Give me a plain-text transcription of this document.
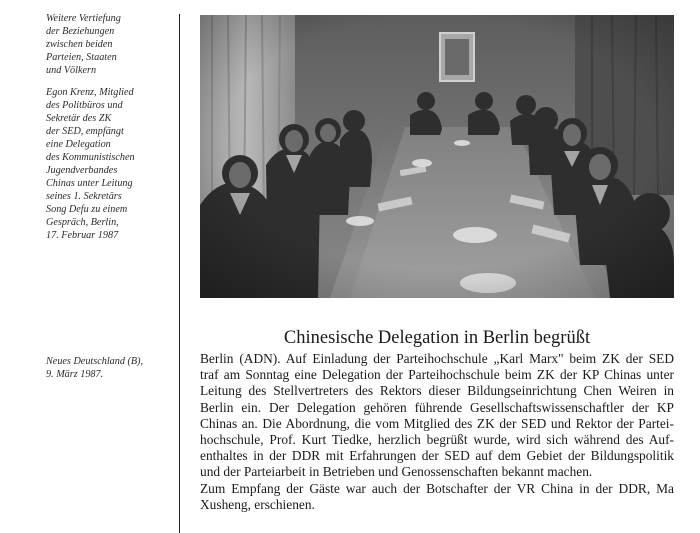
Weitere Vertiefung
der Beziehungen
zwischen beiden
Parteien, Staaten
und Völkern
Egon Krenz, Mitglied
des Politbüros und
Sekretär des ZK
der SED, empfängt
eine Delegation
des Kommunistischen
Jugendverbandes
Chinas unter Leitung
seines 1. Sekretärs
Song Defu zu einem
Gespräch, Berlin,
17. Februar 1987
Neues Deutschland (B),
9. März 1987.
Chinesische Delegation in Berlin begrüßt
Berlin (ADN). Auf Einladung der Parteihochschule „Karl Marx" beim ZK der SED
traf am Sonntag eine Delegation der Parteihochschule beim ZK der KP Chinas unter
Leitung des Stellvertreters des Rektors dieser Bildungseinrichtung Chen Weiren in
Berlin ein. Der Delegation gehören führende Gesellschaftswissenschaftler der KP
Chinas an. Die Abordnung, die vom Mitglied des ZK der SED und Rektor der Partei-
hochschule, Prof. Kurt Tiedke, herzlich begrüßt wurde, wird sich während des Auf-
enthaltes in der DDR mit Erfahrungen der SED auf dem Gebiet der Bildungspolitik
und der Parteiarbeit in Betrieben und Genossenschaften bekannt machen.
Zum Empfang der Gäste war auch der Botschafter der VR China in der DDR, Ma
Xusheng, erschienen.
